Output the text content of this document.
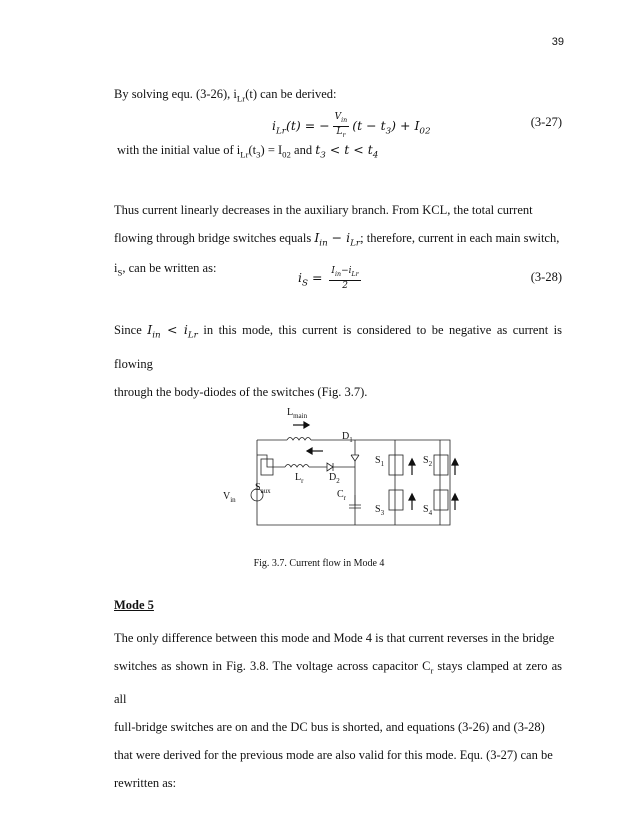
39
By solving equ. (3-26), $i_{Lr}(t)$ can be derived:
$i_{Lr}(t)$ = − $\frac{V_{in}}{L_r} (t - t_3) + I_{02}$
(3-27)
with the initial value of $i_{Lr}(t_3) = I_{02}$ and $t_3 < t < t_4$
Thus current linearly decreases in the auxiliary branch. From KCL, the total current
flowing through bridge switches equals $I_{in} - i_{Lr}$; therefore, current in each main switch,
$i_S$, can be written as:
$i_S = \frac{I_{in}-i_{Lr}}{2}$	(3-28)
Since $I_{in} < i_{Lr}$ in this mode, this current is considered to be negative as current is flowing
through the body-diodes of the switches (Fig. 3.7).
$L_{main}$
$D_1$
$S_1$	$S_2$
$L_r$	$D_2$
$S_{aux}$	$C_r$
$V_{in}$
$S_3$	$S_4$
Fig. 3.7. Current flow in Mode 4
Mode 5
The only difference between this mode and Mode 4 is that current reverses in the bridge
switches as shown in Fig. 3.8. The voltage across capacitor $C_r$ stays clamped at zero as all
full-bridge switches are on and the DC bus is shorted, and equations (3-26) and (3-28)
that were derived for the previous mode are also valid for this mode. Equ. (3-27) can be
rewritten as:
